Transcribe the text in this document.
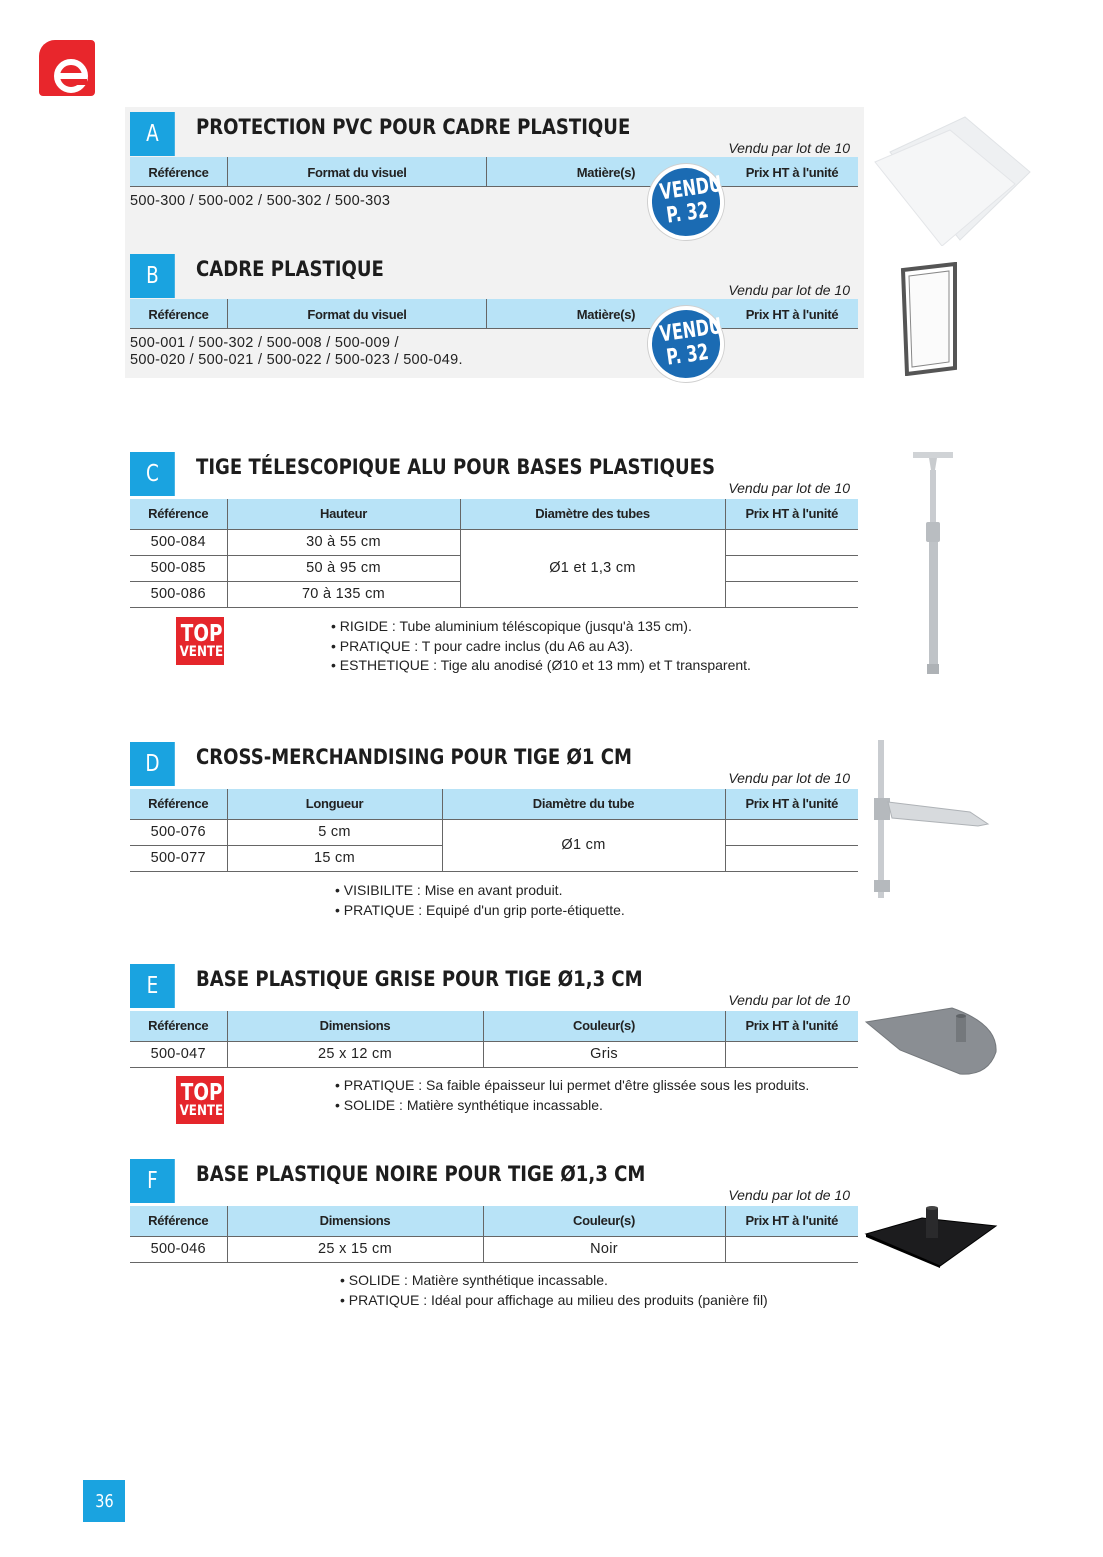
A	PROTECTION PVC POUR CADRE PLASTIQUE
Vendu par lot de 10
Référence	Format du visuel	Matière(s)	Prix HT à l'unité
500-300 / 500-002 / 500-302 / 500-303	VENDU
P. 32
B	CADRE PLASTIQUE
Vendu par lot de 10
Référence	Format du visuel	Matière(s)	Prix HT à l'unité
500-001 / 500-302 / 500-008 / 500-009 /
500-020 / 500-021 / 500-022 / 500-023 / 500-049.
VENDU
P. 32
C	TIGE TÉLESCOPIQUE ALU POUR BASES PLASTIQUES
Vendu par lot de 10
Référence	Hauteur	Diamètre des tubes	Prix HT à l'unité
500-084	30 à 55 cm	Ø1 et 1,3 cm	
500-085	50 à 95 cm		
500-086	70 à 135 cm		
TOP
VENTE
• RIGIDE : Tube aluminium téléscopique (jusqu'à 135 cm).
• PRATIQUE : T pour cadre inclus (du A6 au A3).
• ESTHETIQUE : Tige alu anodisé (Ø10 et 13 mm) et T transparent.
D	CROSS-MERCHANDISING POUR TIGE Ø1 CM
Vendu par lot de 10
Référence	Longueur	Diamètre du tube	Prix HT à l'unité
500-076	5 cm	Ø1 cm	
500-077	15 cm		
• VISIBILITE : Mise en avant produit.
• PRATIQUE : Equipé d'un grip porte-étiquette.
E	BASE PLASTIQUE GRISE POUR TIGE Ø1,3 CM
Vendu par lot de 10
Référence	Dimensions	Couleur(s)	Prix HT à l'unité
500-047	25 x 12 cm	Gris	
TOP
VENTE
• PRATIQUE : Sa faible épaisseur lui permet d'être glissée sous les produits.
• SOLIDE : Matière synthétique incassable.
F	BASE PLASTIQUE NOIRE POUR TIGE Ø1,3 CM
Vendu par lot de 10
Référence	Dimensions	Couleur(s)	Prix HT à l'unité
500-046	25 x 15 cm	Noir	
• SOLIDE : Matière synthétique incassable.
• PRATIQUE : Idéal pour affichage au milieu des produits (panière fil)
36
